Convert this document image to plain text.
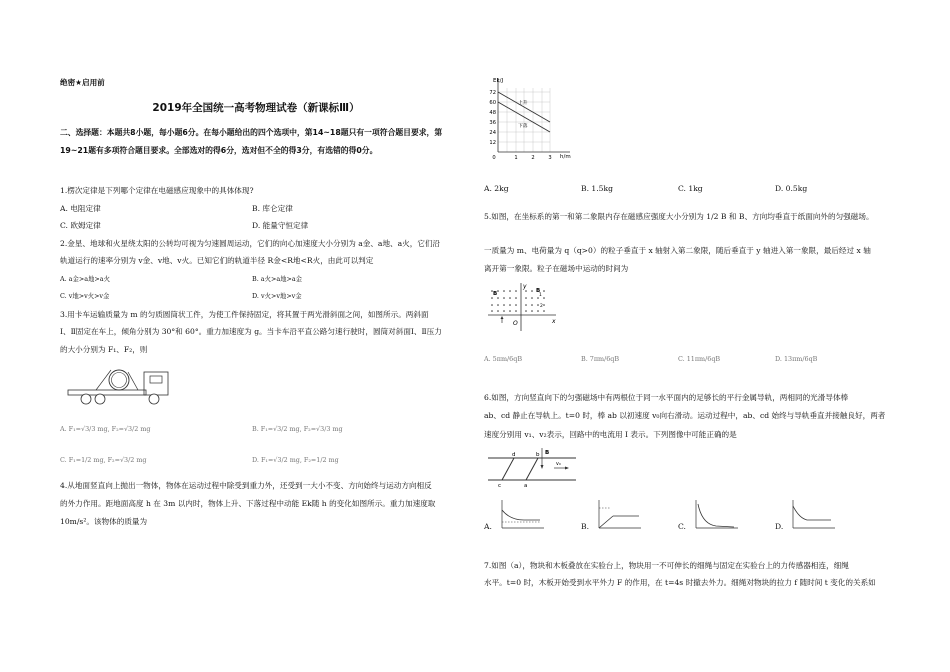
绝密★启用前
2019年全国统一高考物理试卷（新课标Ⅲ）
二、选择题：本题共8小题，每小题6分。在每小题给出的四个选项中，第14~18题只有一项符合题目要求，第19~21题有多项符合题目要求。全部选对的得6分，选对但不全的得3分，有选错的得0分。
1.楞次定律是下列哪个定律在电磁感应现象中的具体体现?
A. 电阻定律	B. 库仑定律
C. 欧姆定律	D. 能量守恒定律
2.金星、地球和火星绕太阳的公转均可视为匀速圆周运动，它们的向心加速度大小分别为 a金、a地、a火，它们沿
轨道运行的速率分别为 v金、v地、v火。已知它们的轨道半径 R金<R地<R火，由此可以判定
A. a金>a地>a火	B. a火>a地>a金
C. v地>v火>v金	D. v火>v地>v金
3.用卡车运输质量为 m 的匀质圆筒状工件，为使工件保持固定，将其置于两光滑斜面之间，如图所示。两斜面
Ⅰ、Ⅱ固定在车上，倾角分别为 30°和 60°。重力加速度为 g。当卡车沿平直公路匀速行驶时，圆筒对斜面Ⅰ、Ⅱ压力
的大小分别为 F₁、F₂，则
A. F₁=√3/3 mg, F₂=√3/2 mg	B. F₁=√3/2 mg, F₂=√3/3 mg
C. F₁=1/2 mg, F₂=√3/2 mg	D. F₁=√3/2 mg, F₂=1/2 mg
4.从地面竖直向上抛出一物体，物体在运动过程中除受到重力外，还受到一大小不变、方向始终与运动方向相反
的外力作用。距地面高度 h 在 3m 以内时，物体上升、下落过程中动能 Ek随 h 的变化如图所示。重力加速度取
10m/s²。该物体的质量为
Ek/J
h/m
72
60
48
36
24
12
0	1	2	3
上升
下落
A. 2kg	B. 1.5kg	C. 1kg	D. 0.5kg
5.如图，在坐标系的第一和第二象限内存在磁感应强度大小分别为 1/2 B 和 B、方向均垂直于纸面向外的匀强磁场。
一质量为 m、电荷量为 q（q>0）的粒子垂直于 x 轴射入第二象限，随后垂直于 y 轴进入第一象限，最后经过 x 轴
离开第一象限。粒子在磁场中运动的时间为
B	B
1
2
O	x
y
A. 5πm/6qB	B. 7πm/6qB	C. 11πm/6qB	D. 13πm/6qB
6.如图，方向竖直向下的匀强磁场中有两根位于同一水平面内的足够长的平行金属导轨，两相同的光滑导体棒
ab、cd 静止在导轨上。t=0 时，棒 ab 以初速度 v₀向右滑动。运动过程中，ab、cd 始终与导轨垂直并接触良好，两者
速度分别用 v₁、v₂表示，回路中的电流用 I 表示。下列图像中可能正确的是
d	b
c	a
B
v₀
A.	B.	C.	D.
7.如图（a），物块和木板叠放在实验台上，物块用一不可伸长的细绳与固定在实验台上的力传感器相连，细绳
水平。t=0 时，木板开始受到水平外力 F 的作用，在 t=4s 时撤去外力。细绳对物块的拉力 f 随时间 t 变化的关系如
